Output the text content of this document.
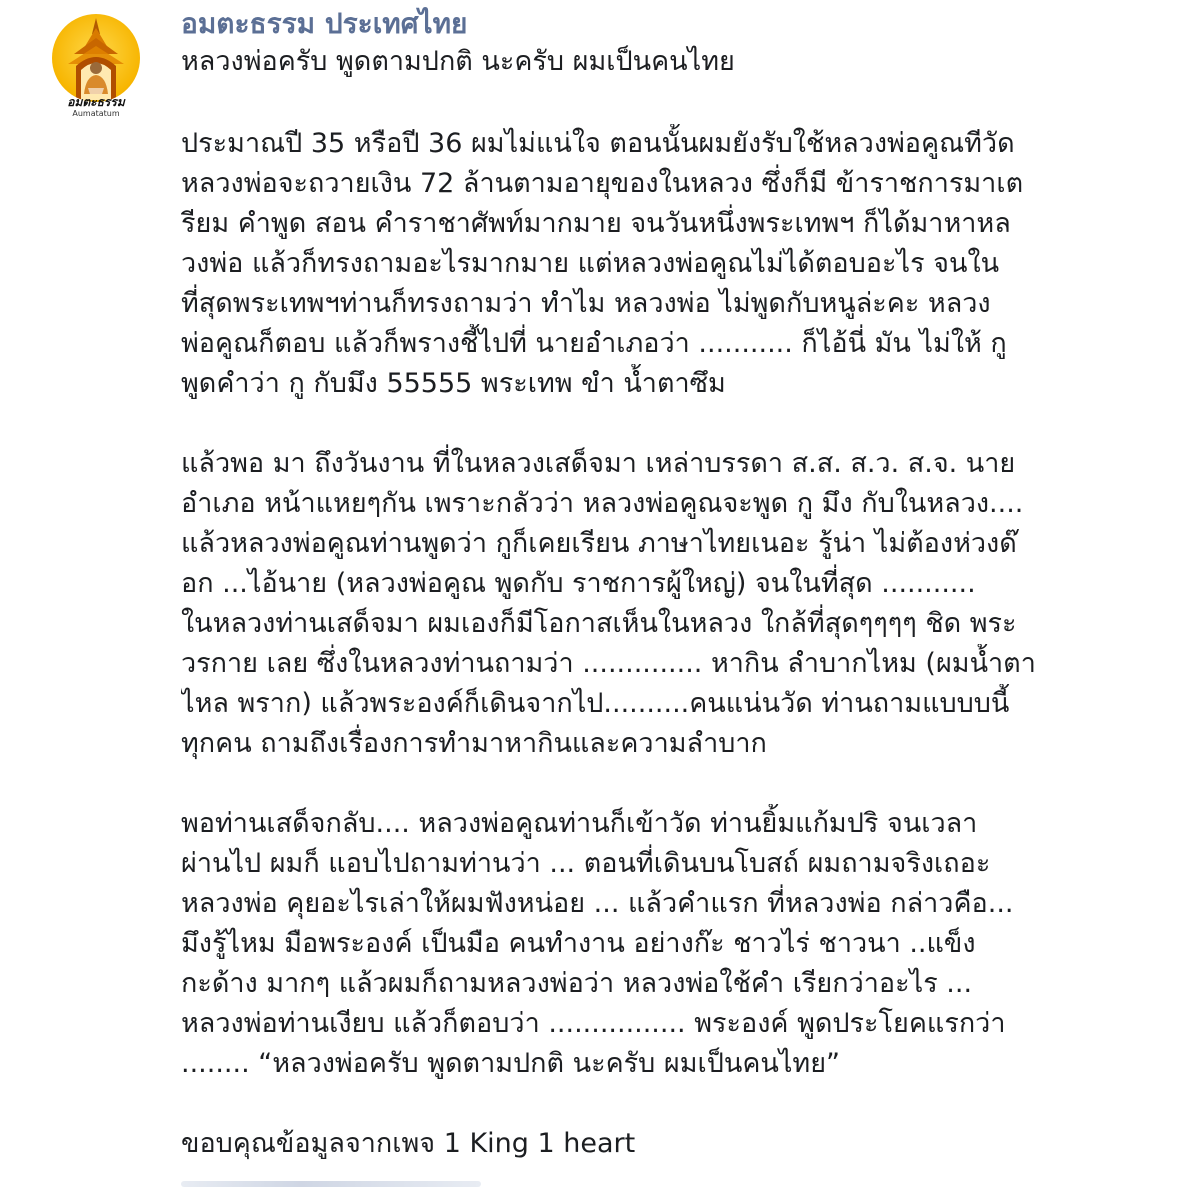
อมตะธรรม
Aumatatum
อมตะธรรม ประเทศไทย
หลวงพ่อครับ พูดตามปกติ นะครับ ผมเป็นคนไทย
ประมาณปี 35 หรือปี 36 ผมไม่แน่ใจ ตอนนั้นผมยังรับใช้หลวงพ่อคูณทีวัด
หลวงพ่อจะถวายเงิน 72 ล้านตามอายุของในหลวง ซึ่งก็มี ข้าราชการมาเต
รียม คำพูด สอน คำราชาศัพท์มากมาย จนวันหนึ่งพระเทพฯ ก็ได้มาหาหล
วงพ่อ แล้วก็ทรงถามอะไรมากมาย แต่หลวงพ่อคูณไม่ได้ตอบอะไร จนใน
ที่สุดพระเทพฯท่านก็ทรงถามว่า ทำไม หลวงพ่อ ไม่พูดกับหนูล่ะคะ หลวง
พ่อคูณก็ตอบ แล้วก็พรางชี้ไปที่ นายอำเภอว่า ........... ก็ไอ้นี่ มัน ไม่ให้ กู
พูดคำว่า กู กับมึง 55555 พระเทพ ขำ น้ำตาซึม
แล้วพอ มา ถึงวันงาน ที่ในหลวงเสด็จมา เหล่าบรรดา ส.ส. ส.ว. ส.จ. นาย
อำเภอ หน้าแหยๆกัน เพราะกลัวว่า หลวงพ่อคูณจะพูด กู มึง กับในหลวง....
แล้วหลวงพ่อคูณท่านพูดว่า กูก็เคยเรียน ภาษาไทยเนอะ รู้น่า ไม่ต้องห่วงด๊
อก ...ไอ้นาย (หลวงพ่อคูณ พูดกับ ราชการผู้ใหญ่) จนในที่สุด ...........
ในหลวงท่านเสด็จมา ผมเองก็มีโอกาสเห็นในหลวง ใกล้ที่สุดๆๆๆๆ ชิด พระ
วรกาย เลย ซึ่งในหลวงท่านถามว่า .............. หากิน ลำบากไหม (ผมน้ำตา
ไหล พราก) แล้วพระองค์ก็เดินจากไป..........คนแน่นวัด ท่านถามแบบบนี้
ทุกคน ถามถึงเรื่องการทำมาหากินและความลำบาก
พอท่านเสด็จกลับ.... หลวงพ่อคูณท่านก็เข้าวัด ท่านยิ้มแก้มปริ จนเวลา
ผ่านไป ผมก็ แอบไปถามท่านว่า ... ตอนที่เดินบนโบสถ์ ผมถามจริงเถอะ
หลวงพ่อ คุยอะไรเล่าให้ผมฟังหน่อย ... แล้วคำแรก ที่หลวงพ่อ กล่าวคือ...
มึงรู้ไหม มือพระองค์ เป็นมือ คนทำงาน อย่างก๊ะ ชาวไร่ ชาวนา ..แข็ง
กะด้าง มากๆ แล้วผมก็ถามหลวงพ่อว่า หลวงพ่อใช้คำ เรียกว่าอะไร ...
หลวงพ่อท่านเงียบ แล้วก็ตอบว่า ................ พระองค์ พูดประโยคแรกว่า
........ “หลวงพ่อครับ พูดตามปกติ นะครับ ผมเป็นคนไทย”
ขอบคุณข้อมูลจากเพจ 1 King 1 heart
